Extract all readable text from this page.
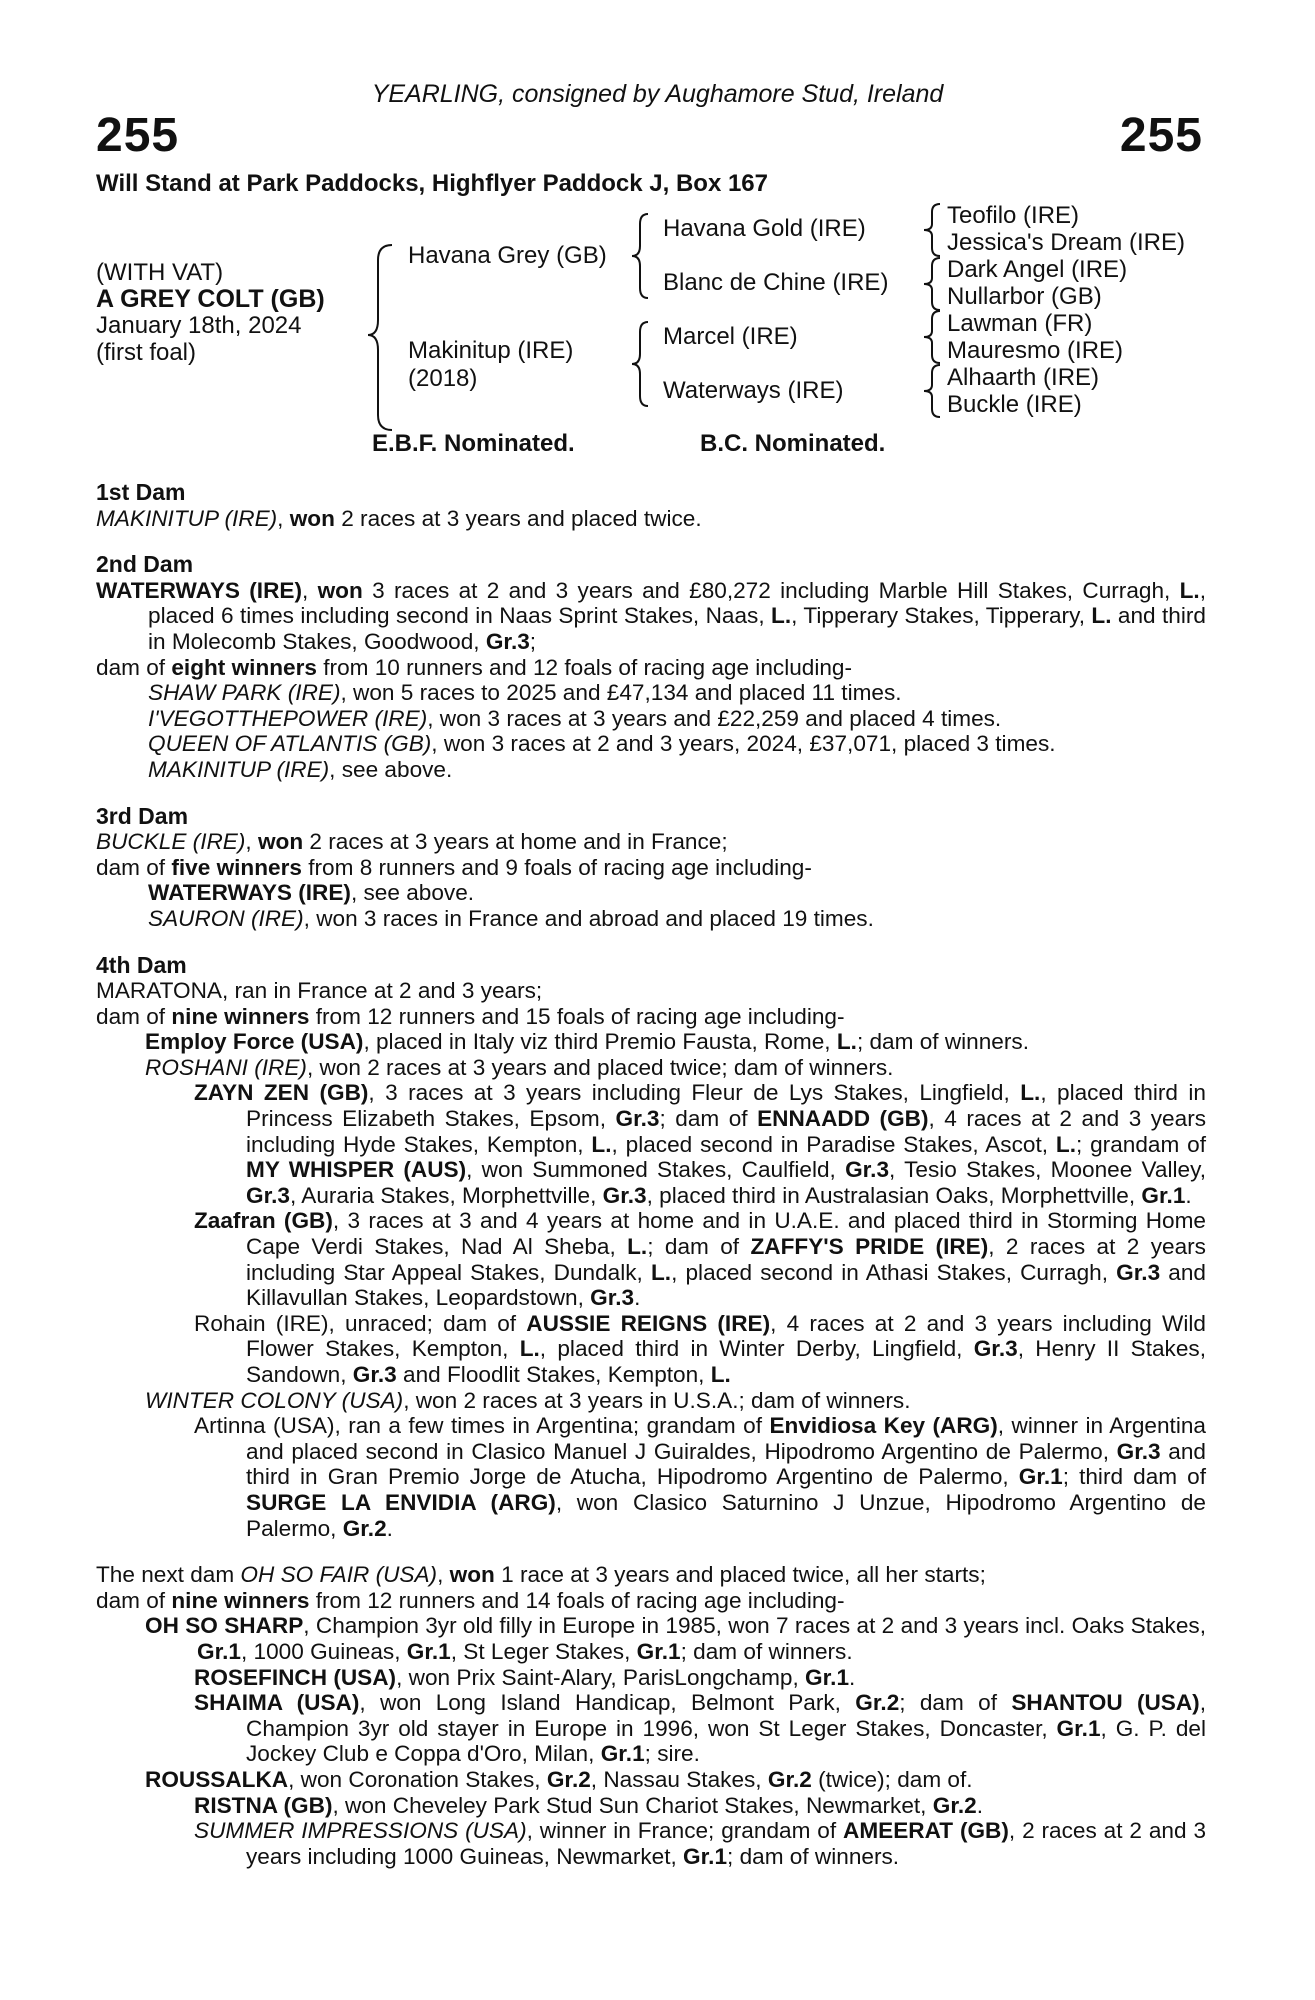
YEARLING, consigned by Aughamore Stud, Ireland
255	255
Will Stand at Park Paddocks, Highflyer Paddock J, Box 167
(WITH VAT)
A GREY COLT (GB)
January 18th, 2024
(first foal)
Havana Grey (GB)
Makinitup (IRE)
(2018)
Havana Gold (IRE)
Blanc de Chine (IRE)
Marcel (IRE)
Waterways (IRE)
Teofilo (IRE)
Jessica's Dream (IRE)
Dark Angel (IRE)
Nullarbor (GB)
Lawman (FR)
Mauresmo (IRE)
Alhaarth (IRE)
Buckle (IRE)
E.B.F. Nominated.	B.C. Nominated.
1st Dam
MAKINITUP (IRE), won 2 races at 3 years and placed twice.
2nd Dam
WATERWAYS (IRE), won 3 races at 2 and 3 years and £80,272 including Marble Hill Stakes, Curragh, L., placed 6 times including second in Naas Sprint Stakes, Naas, L., Tipperary Stakes, Tipperary, L. and third in Molecomb Stakes, Goodwood, Gr.3;
dam of eight winners from 10 runners and 12 foals of racing age including-
SHAW PARK (IRE), won 5 races to 2025 and £47,134 and placed 11 times.
I'VEGOTTHEPOWER (IRE), won 3 races at 3 years and £22,259 and placed 4 times.
QUEEN OF ATLANTIS (GB), won 3 races at 2 and 3 years, 2024, £37,071, placed 3 times.
MAKINITUP (IRE), see above.
3rd Dam
BUCKLE (IRE), won 2 races at 3 years at home and in France;
dam of five winners from 8 runners and 9 foals of racing age including-
WATERWAYS (IRE), see above.
SAURON (IRE), won 3 races in France and abroad and placed 19 times.
4th Dam
MARATONA, ran in France at 2 and 3 years;
dam of nine winners from 12 runners and 15 foals of racing age including-
Employ Force (USA), placed in Italy viz third Premio Fausta, Rome, L.; dam of winners.
ROSHANI (IRE), won 2 races at 3 years and placed twice; dam of winners.
ZAYN ZEN (GB), 3 races at 3 years including Fleur de Lys Stakes, Lingfield, L., placed third in Princess Elizabeth Stakes, Epsom, Gr.3; dam of ENNAADD (GB), 4 races at 2 and 3 years including Hyde Stakes, Kempton, L., placed second in Paradise Stakes, Ascot, L.; grandam of MY WHISPER (AUS), won Summoned Stakes, Caulfield, Gr.3, Tesio Stakes, Moonee Valley, Gr.3, Auraria Stakes, Morphettville, Gr.3, placed third in Australasian Oaks, Morphettville, Gr.1.
Zaafran (GB), 3 races at 3 and 4 years at home and in U.A.E. and placed third in Storming Home Cape Verdi Stakes, Nad Al Sheba, L.; dam of ZAFFY'S PRIDE (IRE), 2 races at 2 years including Star Appeal Stakes, Dundalk, L., placed second in Athasi Stakes, Curragh, Gr.3 and Killavullan Stakes, Leopardstown, Gr.3.
Rohain (IRE), unraced; dam of AUSSIE REIGNS (IRE), 4 races at 2 and 3 years including Wild Flower Stakes, Kempton, L., placed third in Winter Derby, Lingfield, Gr.3, Henry II Stakes, Sandown, Gr.3 and Floodlit Stakes, Kempton, L.
WINTER COLONY (USA), won 2 races at 3 years in U.S.A.; dam of winners.
Artinna (USA), ran a few times in Argentina; grandam of Envidiosa Key (ARG), winner in Argentina and placed second in Clasico Manuel J Guiraldes, Hipodromo Argentino de Palermo, Gr.3 and third in Gran Premio Jorge de Atucha, Hipodromo Argentino de Palermo, Gr.1; third dam of SURGE LA ENVIDIA (ARG), won Clasico Saturnino J Unzue, Hipodromo Argentino de Palermo, Gr.2.
The next dam OH SO FAIR (USA), won 1 race at 3 years and placed twice, all her starts;
dam of nine winners from 12 runners and 14 foals of racing age including-
OH SO SHARP, Champion 3yr old filly in Europe in 1985, won 7 races at 2 and 3 years incl. Oaks Stakes, Gr.1, 1000 Guineas, Gr.1, St Leger Stakes, Gr.1; dam of winners.
ROSEFINCH (USA), won Prix Saint-Alary, ParisLongchamp, Gr.1.
SHAIMA (USA), won Long Island Handicap, Belmont Park, Gr.2; dam of SHANTOU (USA), Champion 3yr old stayer in Europe in 1996, won St Leger Stakes, Doncaster, Gr.1, G. P. del Jockey Club e Coppa d'Oro, Milan, Gr.1; sire.
ROUSSALKA, won Coronation Stakes, Gr.2, Nassau Stakes, Gr.2 (twice); dam of.
RISTNA (GB), won Cheveley Park Stud Sun Chariot Stakes, Newmarket, Gr.2.
SUMMER IMPRESSIONS (USA), winner in France; grandam of AMEERAT (GB), 2 races at 2 and 3 years including 1000 Guineas, Newmarket, Gr.1; dam of winners.
